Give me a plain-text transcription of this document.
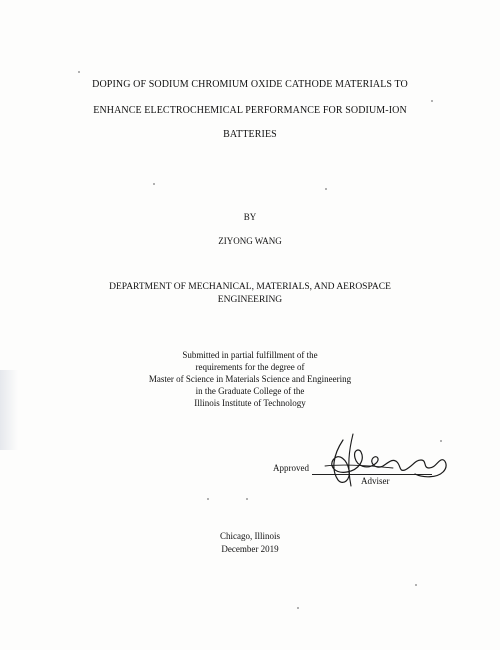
DOPING OF SODIUM CHROMIUM OXIDE CATHODE MATERIALS TO
ENHANCE ELECTROCHEMICAL PERFORMANCE FOR SODIUM-ION
BATTERIES
BY
ZIYONG WANG
DEPARTMENT OF MECHANICAL, MATERIALS, AND AEROSPACE
ENGINEERING
Submitted in partial fulfillment of the
requirements for the degree of
Master of Science in Materials Science and Engineering
in the Graduate College of the
Illinois Institute of Technology
Approved
Adviser
Chicago, Illinois
December 2019
